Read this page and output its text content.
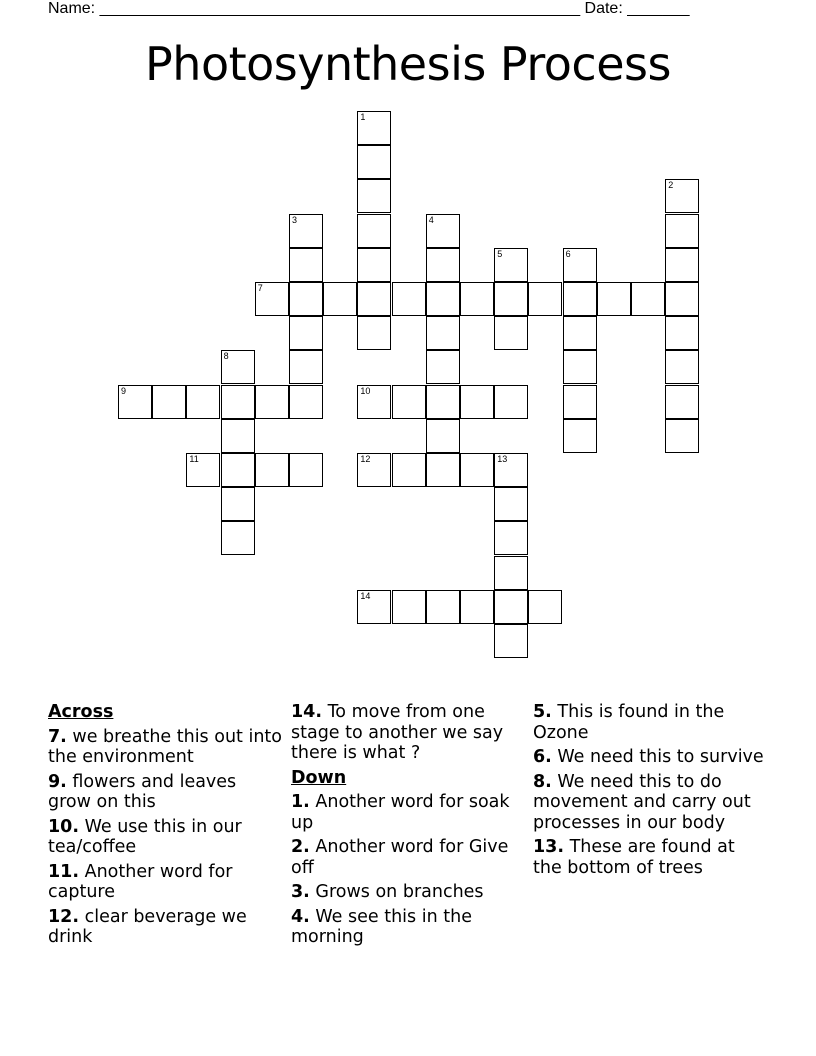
Name: ______________________________________________________ Date: _______
Photosynthesis Process
1
2
3	4
5	6
7
8
9	10
11	12	13
14
Across
7. we breathe this out into the environment
9. flowers and leaves grow on this
10. We use this in our tea/coffee
11. Another word for capture
12. clear beverage we drink
14. To move from one stage to another we say there is what ?
Down
1. Another word for soak up
2. Another word for Give off
3. Grows on branches
4. We see this in the morning
5. This is found in the Ozone
6. We need this to survive
8. We need this to do movement and carry out processes in our body
13. These are found at the bottom of trees
